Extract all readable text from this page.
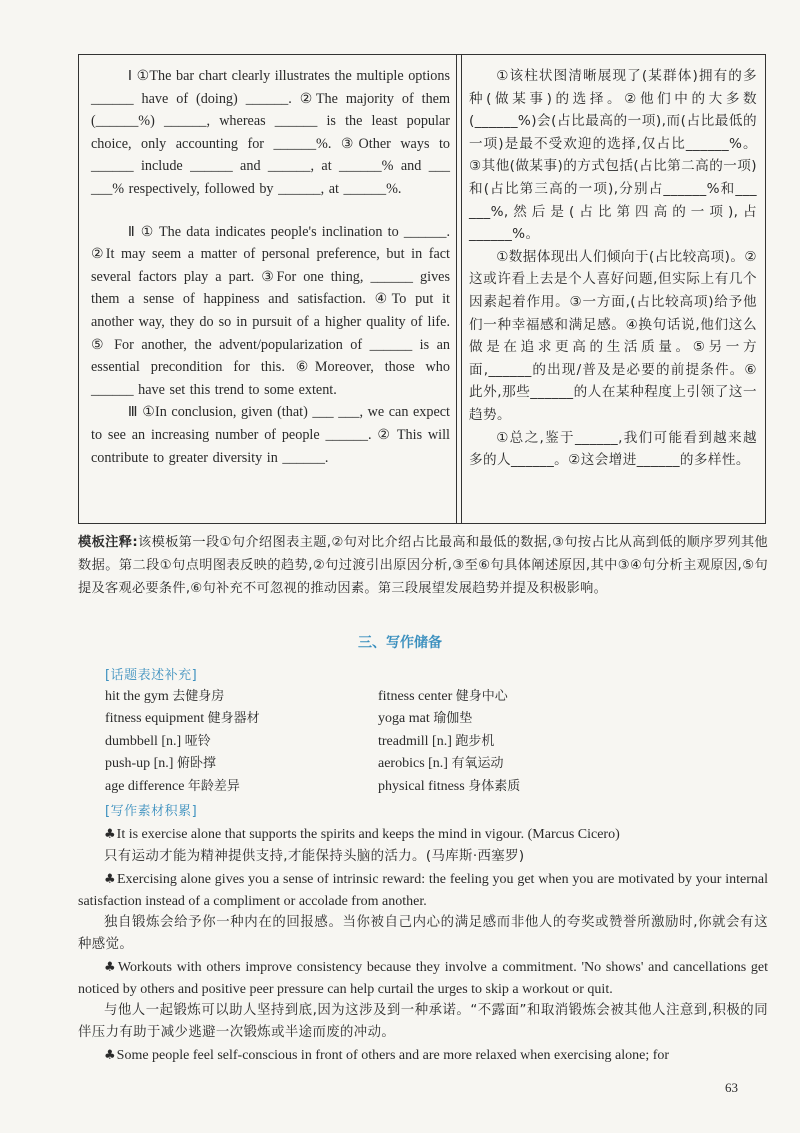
Ⅰ ①The bar chart clearly illustrates the multiple options ______ have of (doing) ______. ②The majority of them (______%) ______, whereas ______ is the least popular choice, only accounting for ______%. ③Other ways to ______ include ______ and ______, at ______% and ___ ___% respectively, followed by ______, at ______%.

Ⅱ ① The data indicates people's inclination to ______. ②It may seem a matter of personal preference, but in fact several factors play a part. ③For one thing, ______ gives them a sense of happiness and satisfaction. ④To put it another way, they do so in pursuit of a higher quality of life. ⑤ For another, the advent/popularization of ______ is an essential precondition for this. ⑥Moreover, those who ______ have set this trend to some extent.

Ⅲ ①In conclusion, given (that) ___ ___, we can expect to see an increasing number of people ______. ② This will contribute to greater diversity in ______.

①该柱状图清晰展现了(某群体)拥有的多种(做某事)的选择。②他们中的大多数(______%)会(占比最高的一项),而(占比最低的一项)是最不受欢迎的选择,仅占比______%。③其他(做某事)的方式包括(占比第二高的一项)和(占比第三高的一项),分别占______%和___ ___%,然后是(占比第四高的一项),占______%。

①数据体现出人们倾向于(占比较高项)。②这或许看上去是个人喜好问题,但实际上有几个因素起着作用。③一方面,(占比较高项)给予他们一种幸福感和满足感。④换句话说,他们这么做是在追求更高的生活质量。⑤另一方面,______的出现/普及是必要的前提条件。⑥此外,那些______的人在某种程度上引领了这一趋势。

①总之,鉴于______,我们可能看到越来越多的人______。②这会增进______的多样性。

模板注释:该模板第一段①句介绍图表主题,②句对比介绍占比最高和最低的数据,③句按占比从高到低的顺序罗列其他数据。第二段①句点明图表反映的趋势,②句过渡引出原因分析,③至⑥句具体阐述原因,其中③④句分析主观原因,⑤句提及客观必要条件,⑥句补充不可忽视的推动因素。第三段展望发展趋势并提及积极影响。
三、写作储备
[话题表述补充]
hit the gym 去健身房
fitness equipment 健身器材
dumbbell [n.] 哑铃
push-up [n.] 俯卧撑
age difference 年龄差异
fitness center 健身中心
yoga mat 瑜伽垫
treadmill [n.] 跑步机
aerobics [n.] 有氧运动
physical fitness 身体素质
[写作素材积累]

♣It is exercise alone that supports the spirits and keeps the mind in vigour. (Marcus Cicero)

只有运动才能为精神提供支持,才能保持头脑的活力。(马库斯·西塞罗)

♣Exercising alone gives you a sense of intrinsic reward: the feeling you get when you are motivated by your internal satisfaction instead of a compliment or accolade from another.

独自锻炼会给予你一种内在的回报感。当你被自己内心的满足感而非他人的夸奖或赞誉所激励时,你就会有这种感觉。

♣Workouts with others improve consistency because they involve a commitment. 'No shows' and cancellations get noticed by others and positive peer pressure can help curtail the urges to skip a workout or quit.

与他人一起锻炼可以助人坚持到底,因为这涉及到一种承诺。“不露面”和取消锻炼会被其他人注意到,积极的同伴压力有助于减少逃避一次锻炼或半途而废的冲动。

♣Some people feel self-conscious in front of others and are more relaxed when exercising alone; for

63
